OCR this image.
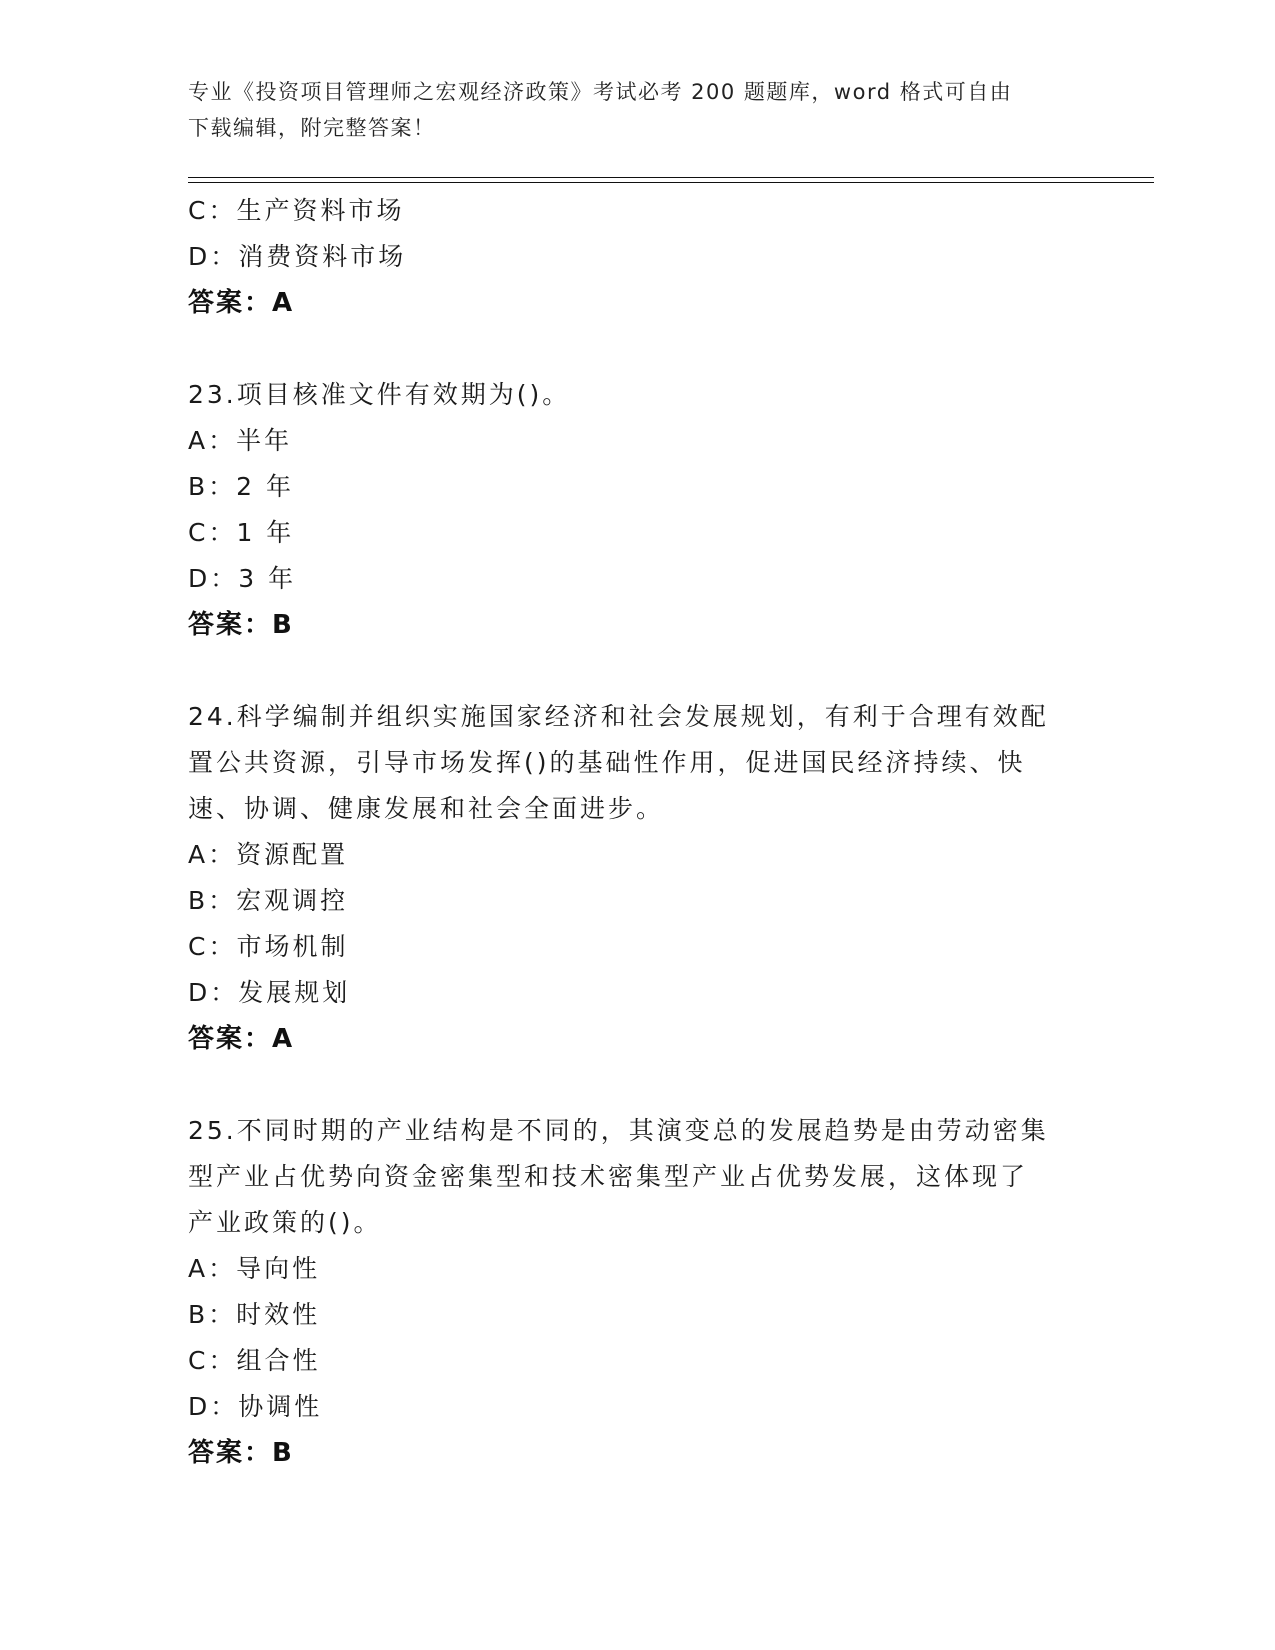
专业《投资项目管理师之宏观经济政策》考试必考 200 题题库，word 格式可自由
下载编辑，附完整答案！
C：生产资料市场
D：消费资料市场
答案：A
23.项目核准文件有效期为()。
A：半年
B：2 年
C：1 年
D：3 年
答案：B
24.科学编制并组织实施国家经济和社会发展规划，有利于合理有效配
置公共资源，引导市场发挥()的基础性作用，促进国民经济持续、快
速、协调、健康发展和社会全面进步。
A：资源配置
B：宏观调控
C：市场机制
D：发展规划
答案：A
25.不同时期的产业结构是不同的，其演变总的发展趋势是由劳动密集
型产业占优势向资金密集型和技术密集型产业占优势发展，这体现了
产业政策的()。
A：导向性
B：时效性
C：组合性
D：协调性
答案：B
